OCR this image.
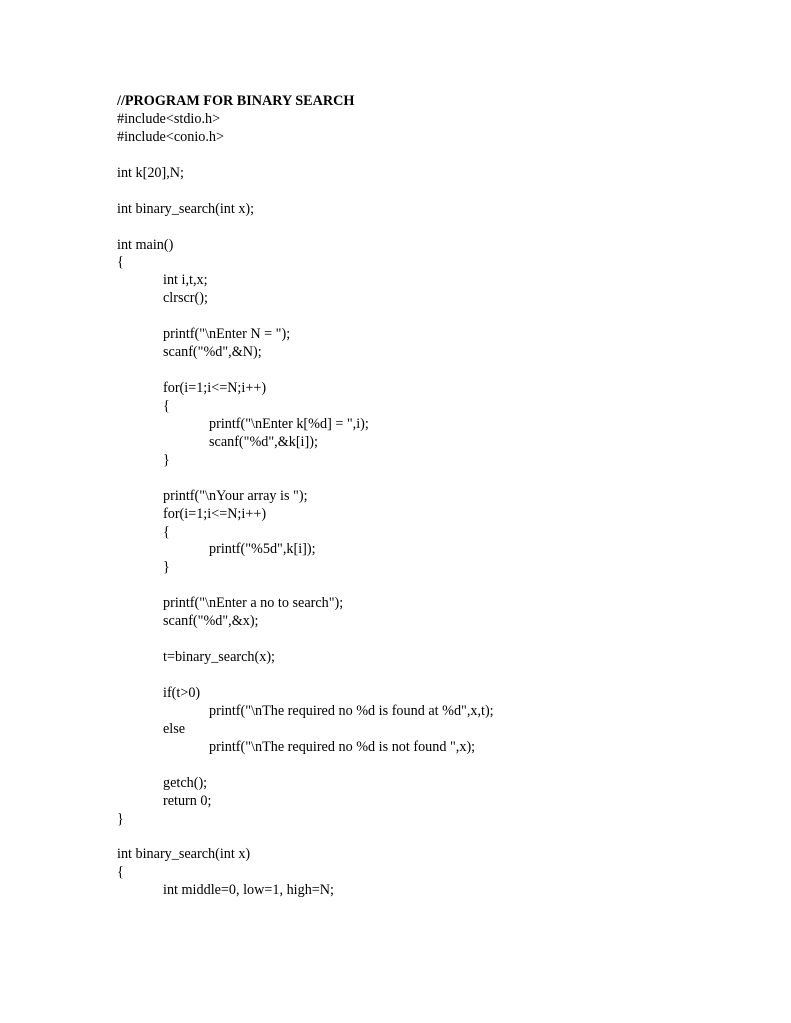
//PROGRAM FOR BINARY SEARCH
#include<stdio.h>
#include<conio.h>
int k[20],N;
int binary_search(int x);
int main()
{
int i,t,x;
clrscr();
printf("\nEnter N = ");
scanf("%d",&N);
for(i=1;i<=N;i++)
{
printf("\nEnter k[%d] = ",i);
scanf("%d",&k[i]);
}
printf("\nYour array is ");
for(i=1;i<=N;i++)
{
printf("%5d",k[i]);
}
printf("\nEnter a no to search");
scanf("%d",&x);
t=binary_search(x);
if(t>0)
printf("\nThe required no %d is found at %d",x,t);
else
printf("\nThe required no %d is not found ",x);
getch();
return 0;
}
int binary_search(int x)
{
int middle=0, low=1, high=N;
